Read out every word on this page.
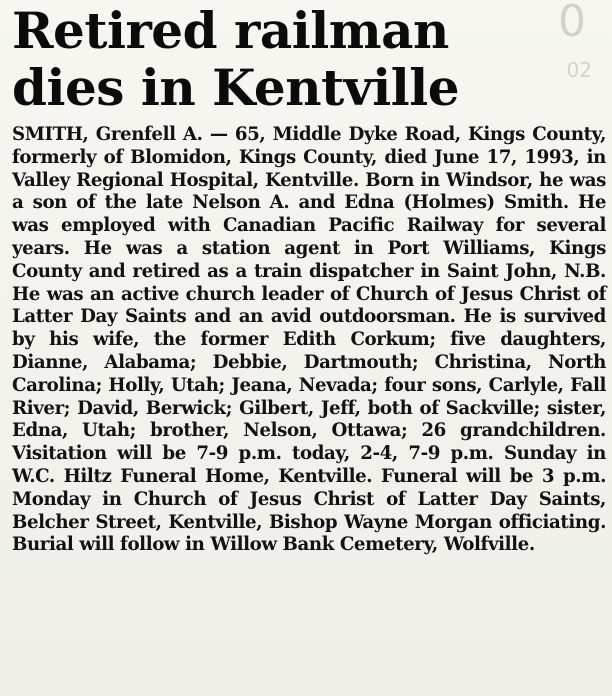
0
02
Retired railman
dies in Kentville

SMITH, Grenfell A. — 65, Middle Dyke Road, Kings County, formerly of Blomidon, Kings County, died June 17, 1993, in Valley Regional Hospital, Kentville. Born in Windsor, he was a son of the late Nelson A. and Edna (Holmes) Smith. He was employed with Canadian Pacific Railway for several years. He was a station agent in Port Williams, Kings County and retired as a train dispatcher in Saint John, N.B. He was an active church leader of Church of Jesus Christ of Latter Day Saints and an avid outdoorsman. He is survived by his wife, the former Edith Corkum; five daughters, Dianne, Alabama; Debbie, Dartmouth; Christina, North Carolina; Holly, Utah; Jeana, Nevada; four sons, Carlyle, Fall River; David, Berwick; Gilbert, Jeff, both of Sackville; sister, Edna, Utah; brother, Nelson, Ottawa; 26 grandchildren. Visitation will be 7-9 p.m. today, 2-4, 7-9 p.m. Sunday in W.C. Hiltz Funeral Home, Kentville. Funeral will be 3 p.m. Monday in Church of Jesus Christ of Latter Day Saints, Belcher Street, Kentville, Bishop Wayne Morgan officiating. Burial will follow in Willow Bank Cemetery, Wolfville.
